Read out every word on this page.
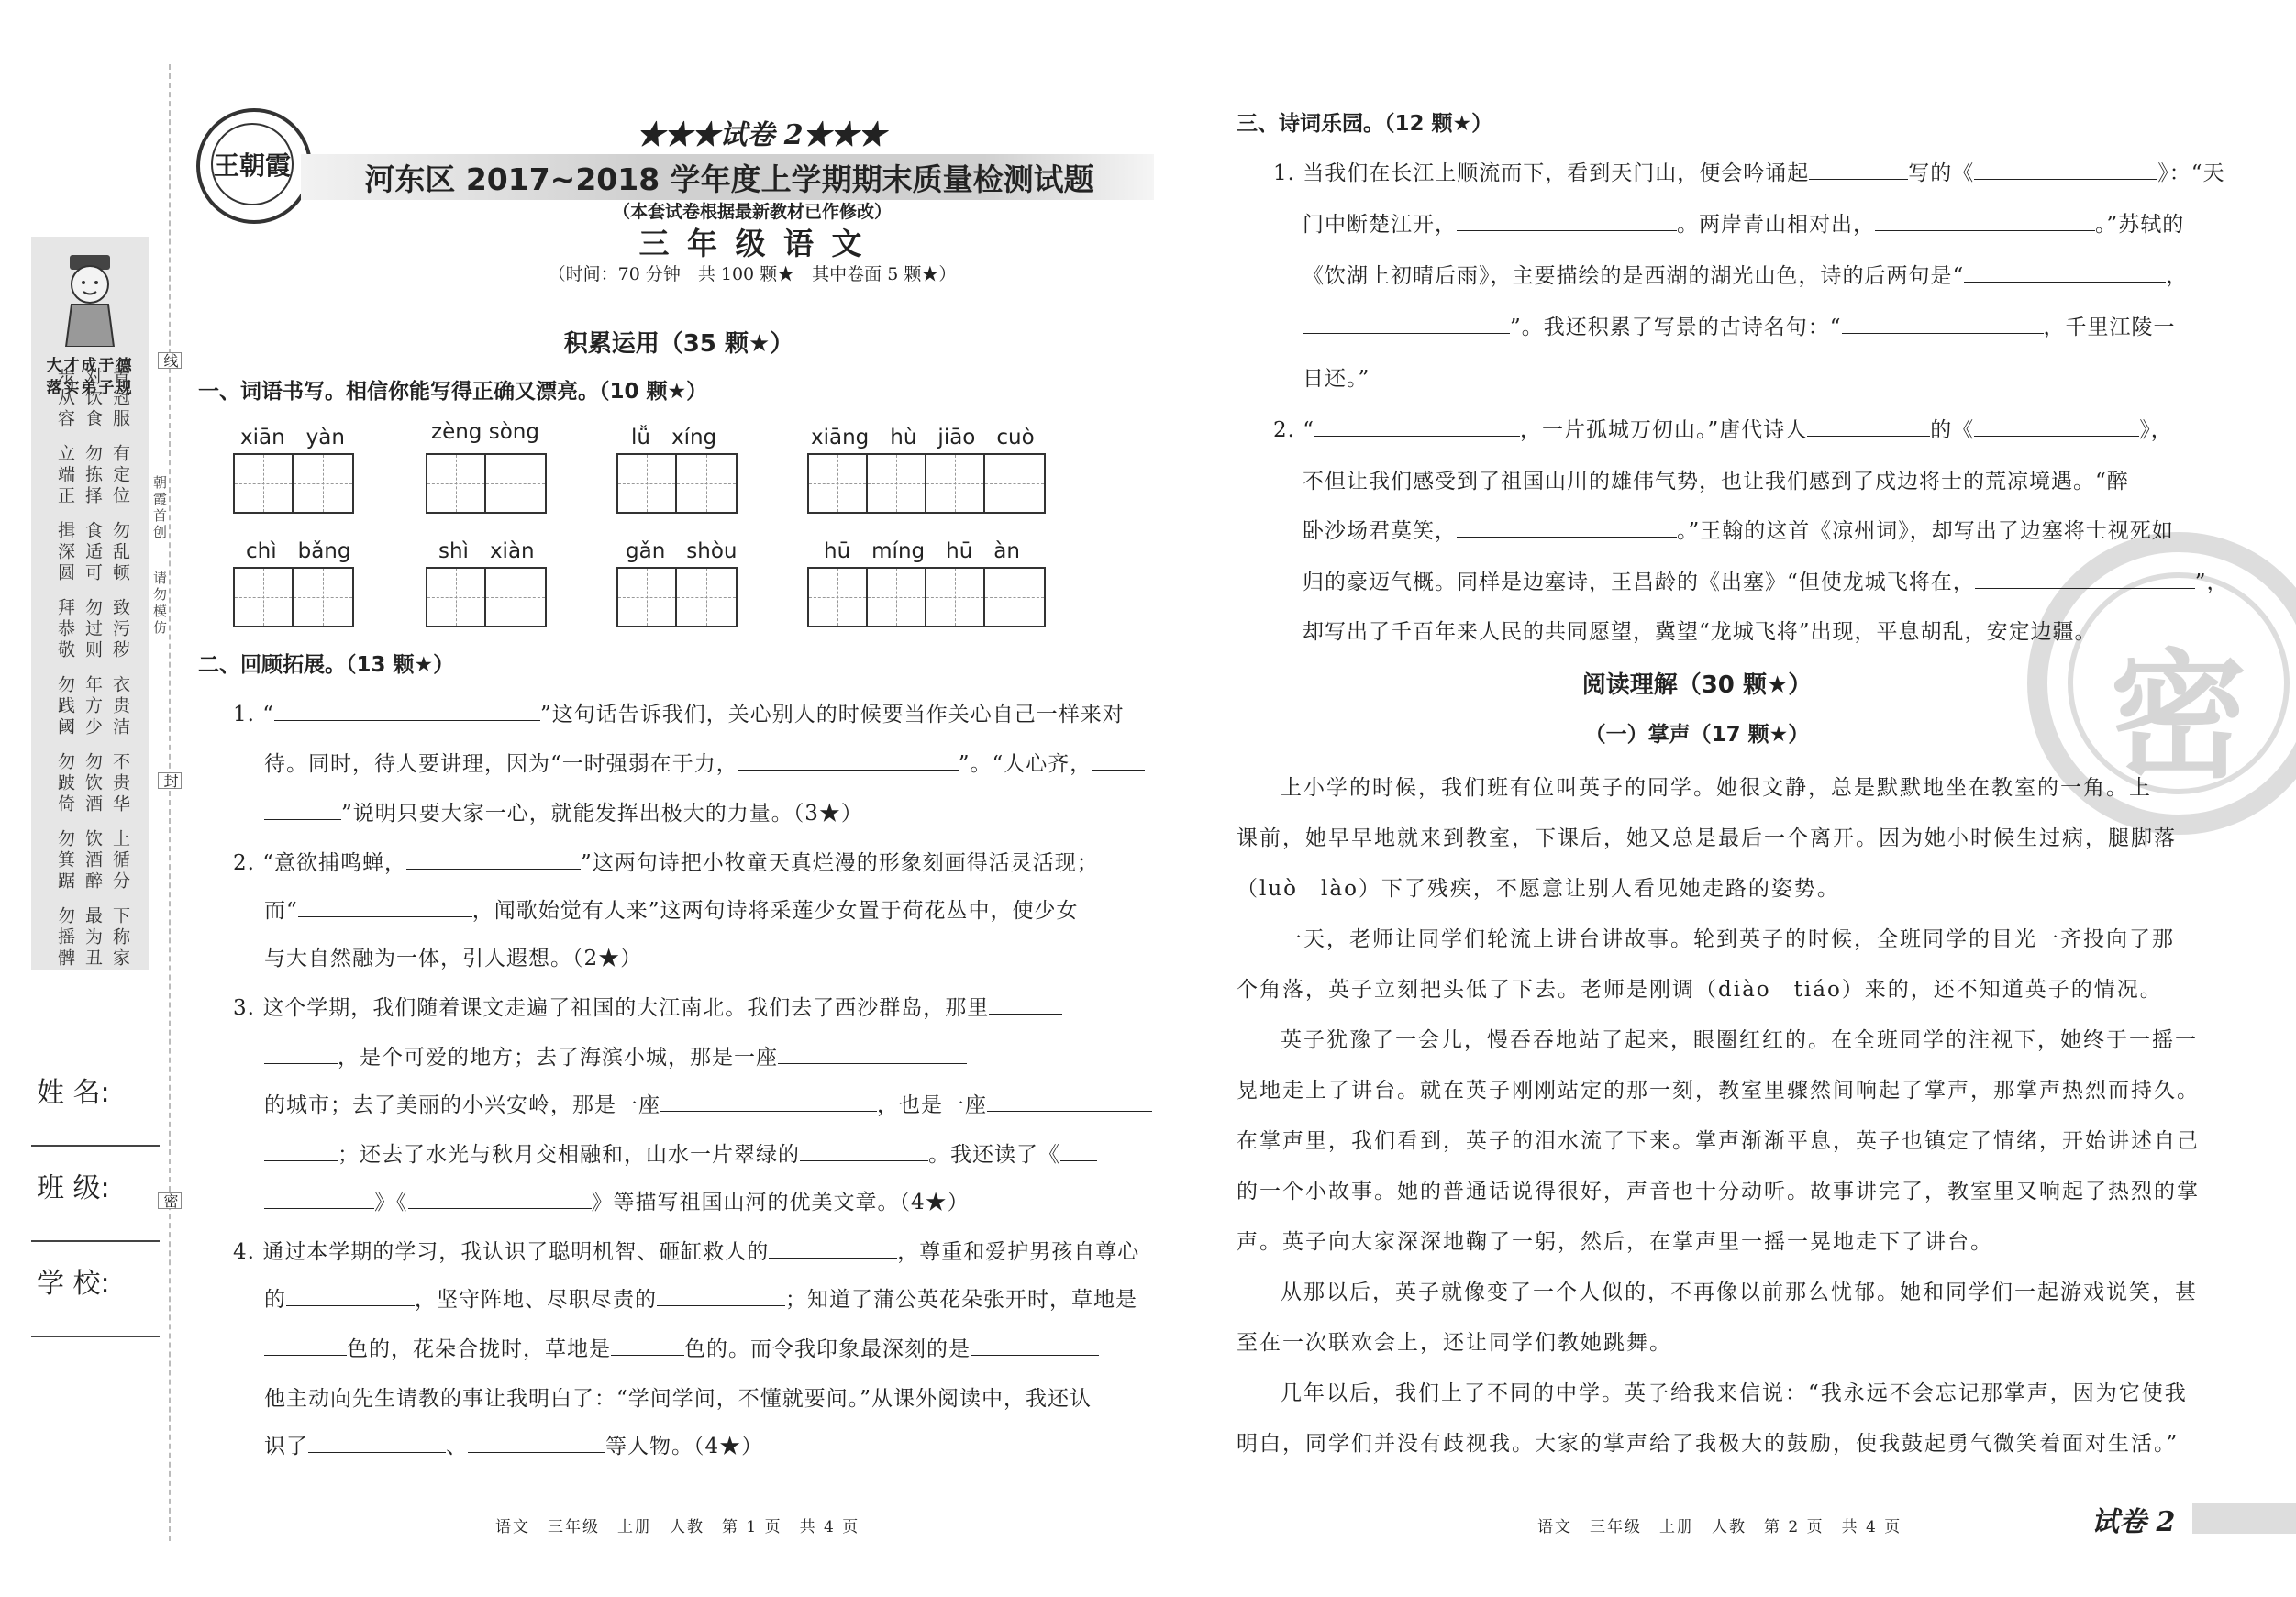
大才成于德
落实弟子规
步从容 对饮食 置冠服
立端正 勿拣择 有定位
揖深圆 食适可 勿乱顿
拜恭敬 勿过则 致污秽
勿践阈 年方少 衣贵洁
勿跛倚 勿饮酒 不贵华
勿箕踞 饮酒醉 上循分
勿摇髀 最为丑 下称家
线
封
密
朝霞首创
请勿模仿
姓 名:
班 级:
学 校:
王朝霞
★★★试卷 2★★★
河东区 2017~2018 学年度上学期期末质量检测试题
（本套试卷根据最新教材已作修改）
三 年 级 语 文
（时间：70 分钟　共 100 颗★　其中卷面 5 颗★）
积累运用（35 颗★）
一、词语书写。相信你能写得正确又漂亮。（10 颗★）
xiān　yàn	zèng sòng	lǚ　xíng	xiāng　hù　jiāo　cuò
chì　bǎng	shì　xiàn	gǎn　shòu	hū　míng　hū　àn
二、回顾拓展。（13 颗★）
1. “	”这句话告诉我们，关心别人的时候要当作关心自己一样来对
待。同时，待人要讲理，因为“一时强弱在于力，	”。“人心齐，
”说明只要大家一心，就能发挥出极大的力量。（3★）
2. “意欲捕鸣蝉，	”这两句诗把小牧童天真烂漫的形象刻画得活灵活现；
而“	，闻歌始觉有人来”这两句诗将采莲少女置于荷花丛中，使少女
与大自然融为一体，引人遐想。（2★）
3. 这个学期，我们随着课文走遍了祖国的大江南北。我们去了西沙群岛，那里
，是个可爱的地方；去了海滨小城，那是一座
的城市；去了美丽的小兴安岭，那是一座	，也是一座
；还去了水光与秋月交相融和，山水一片翠绿的	。我还读了《
》《	》等描写祖国山河的优美文章。（4★）
4. 通过本学期的学习，我认识了聪明机智、砸缸救人的	，尊重和爱护男孩自尊心
的	，坚守阵地、尽职尽责的	；知道了蒲公英花朵张开时，草地是
色的，花朵合拢时，草地是	色的。而令我印象最深刻的是
他主动向先生请教的事让我明白了：“学问学问，不懂就要问。”从课外阅读中，我还认
识了	、	等人物。（4★）
语文　三年级　上册　人教　第 1 页　共 4 页
密
三、诗词乐园。（12 颗★）
1. 当我们在长江上顺流而下，看到天门山，便会吟诵起	写的《	》：“天
门中断楚江开，	。两岸青山相对出，	。”苏轼的
《饮湖上初晴后雨》，主要描绘的是西湖的湖光山色，诗的后两句是“	，
”。我还积累了写景的古诗名句：“	，千里江陵一
日还。”
2. “	，一片孤城万仞山。”唐代诗人	的《	》，
不但让我们感受到了祖国山川的雄伟气势，也让我们感到了戍边将士的荒凉境遇。“醉
卧沙场君莫笑，	。”王翰的这首《凉州词》，却写出了边塞将士视死如
归的豪迈气概。同样是边塞诗，王昌龄的《出塞》“但使龙城飞将在，	”，
却写出了千百年来人民的共同愿望，冀望“龙城飞将”出现，平息胡乱，安定边疆。
阅读理解（30 颗★）
（一）掌声（17 颗★）
上小学的时候，我们班有位叫英子的同学。她很文静，总是默默地坐在教室的一角。上
课前，她早早地就来到教室，下课后，她又总是最后一个离开。因为她小时候生过病，腿脚落
（luò　lào）下了残疾，不愿意让别人看见她走路的姿势。
一天，老师让同学们轮流上讲台讲故事。轮到英子的时候，全班同学的目光一齐投向了那
个角落，英子立刻把头低了下去。老师是刚调（diào　tiáo）来的，还不知道英子的情况。
英子犹豫了一会儿，慢吞吞地站了起来，眼圈红红的。在全班同学的注视下，她终于一摇一
晃地走上了讲台。就在英子刚刚站定的那一刻，教室里骤然间响起了掌声，那掌声热烈而持久。
在掌声里，我们看到，英子的泪水流了下来。掌声渐渐平息，英子也镇定了情绪，开始讲述自己
的一个小故事。她的普通话说得很好，声音也十分动听。故事讲完了，教室里又响起了热烈的掌
声。英子向大家深深地鞠了一躬，然后，在掌声里一摇一晃地走下了讲台。
从那以后，英子就像变了一个人似的，不再像以前那么忧郁。她和同学们一起游戏说笑，甚
至在一次联欢会上，还让同学们教她跳舞。
几年以后，我们上了不同的中学。英子给我来信说：“我永远不会忘记那掌声，因为它使我
明白，同学们并没有歧视我。大家的掌声给了我极大的鼓励，使我鼓起勇气微笑着面对生活。”
语文　三年级　上册　人教　第 2 页　共 4 页	试卷 2
